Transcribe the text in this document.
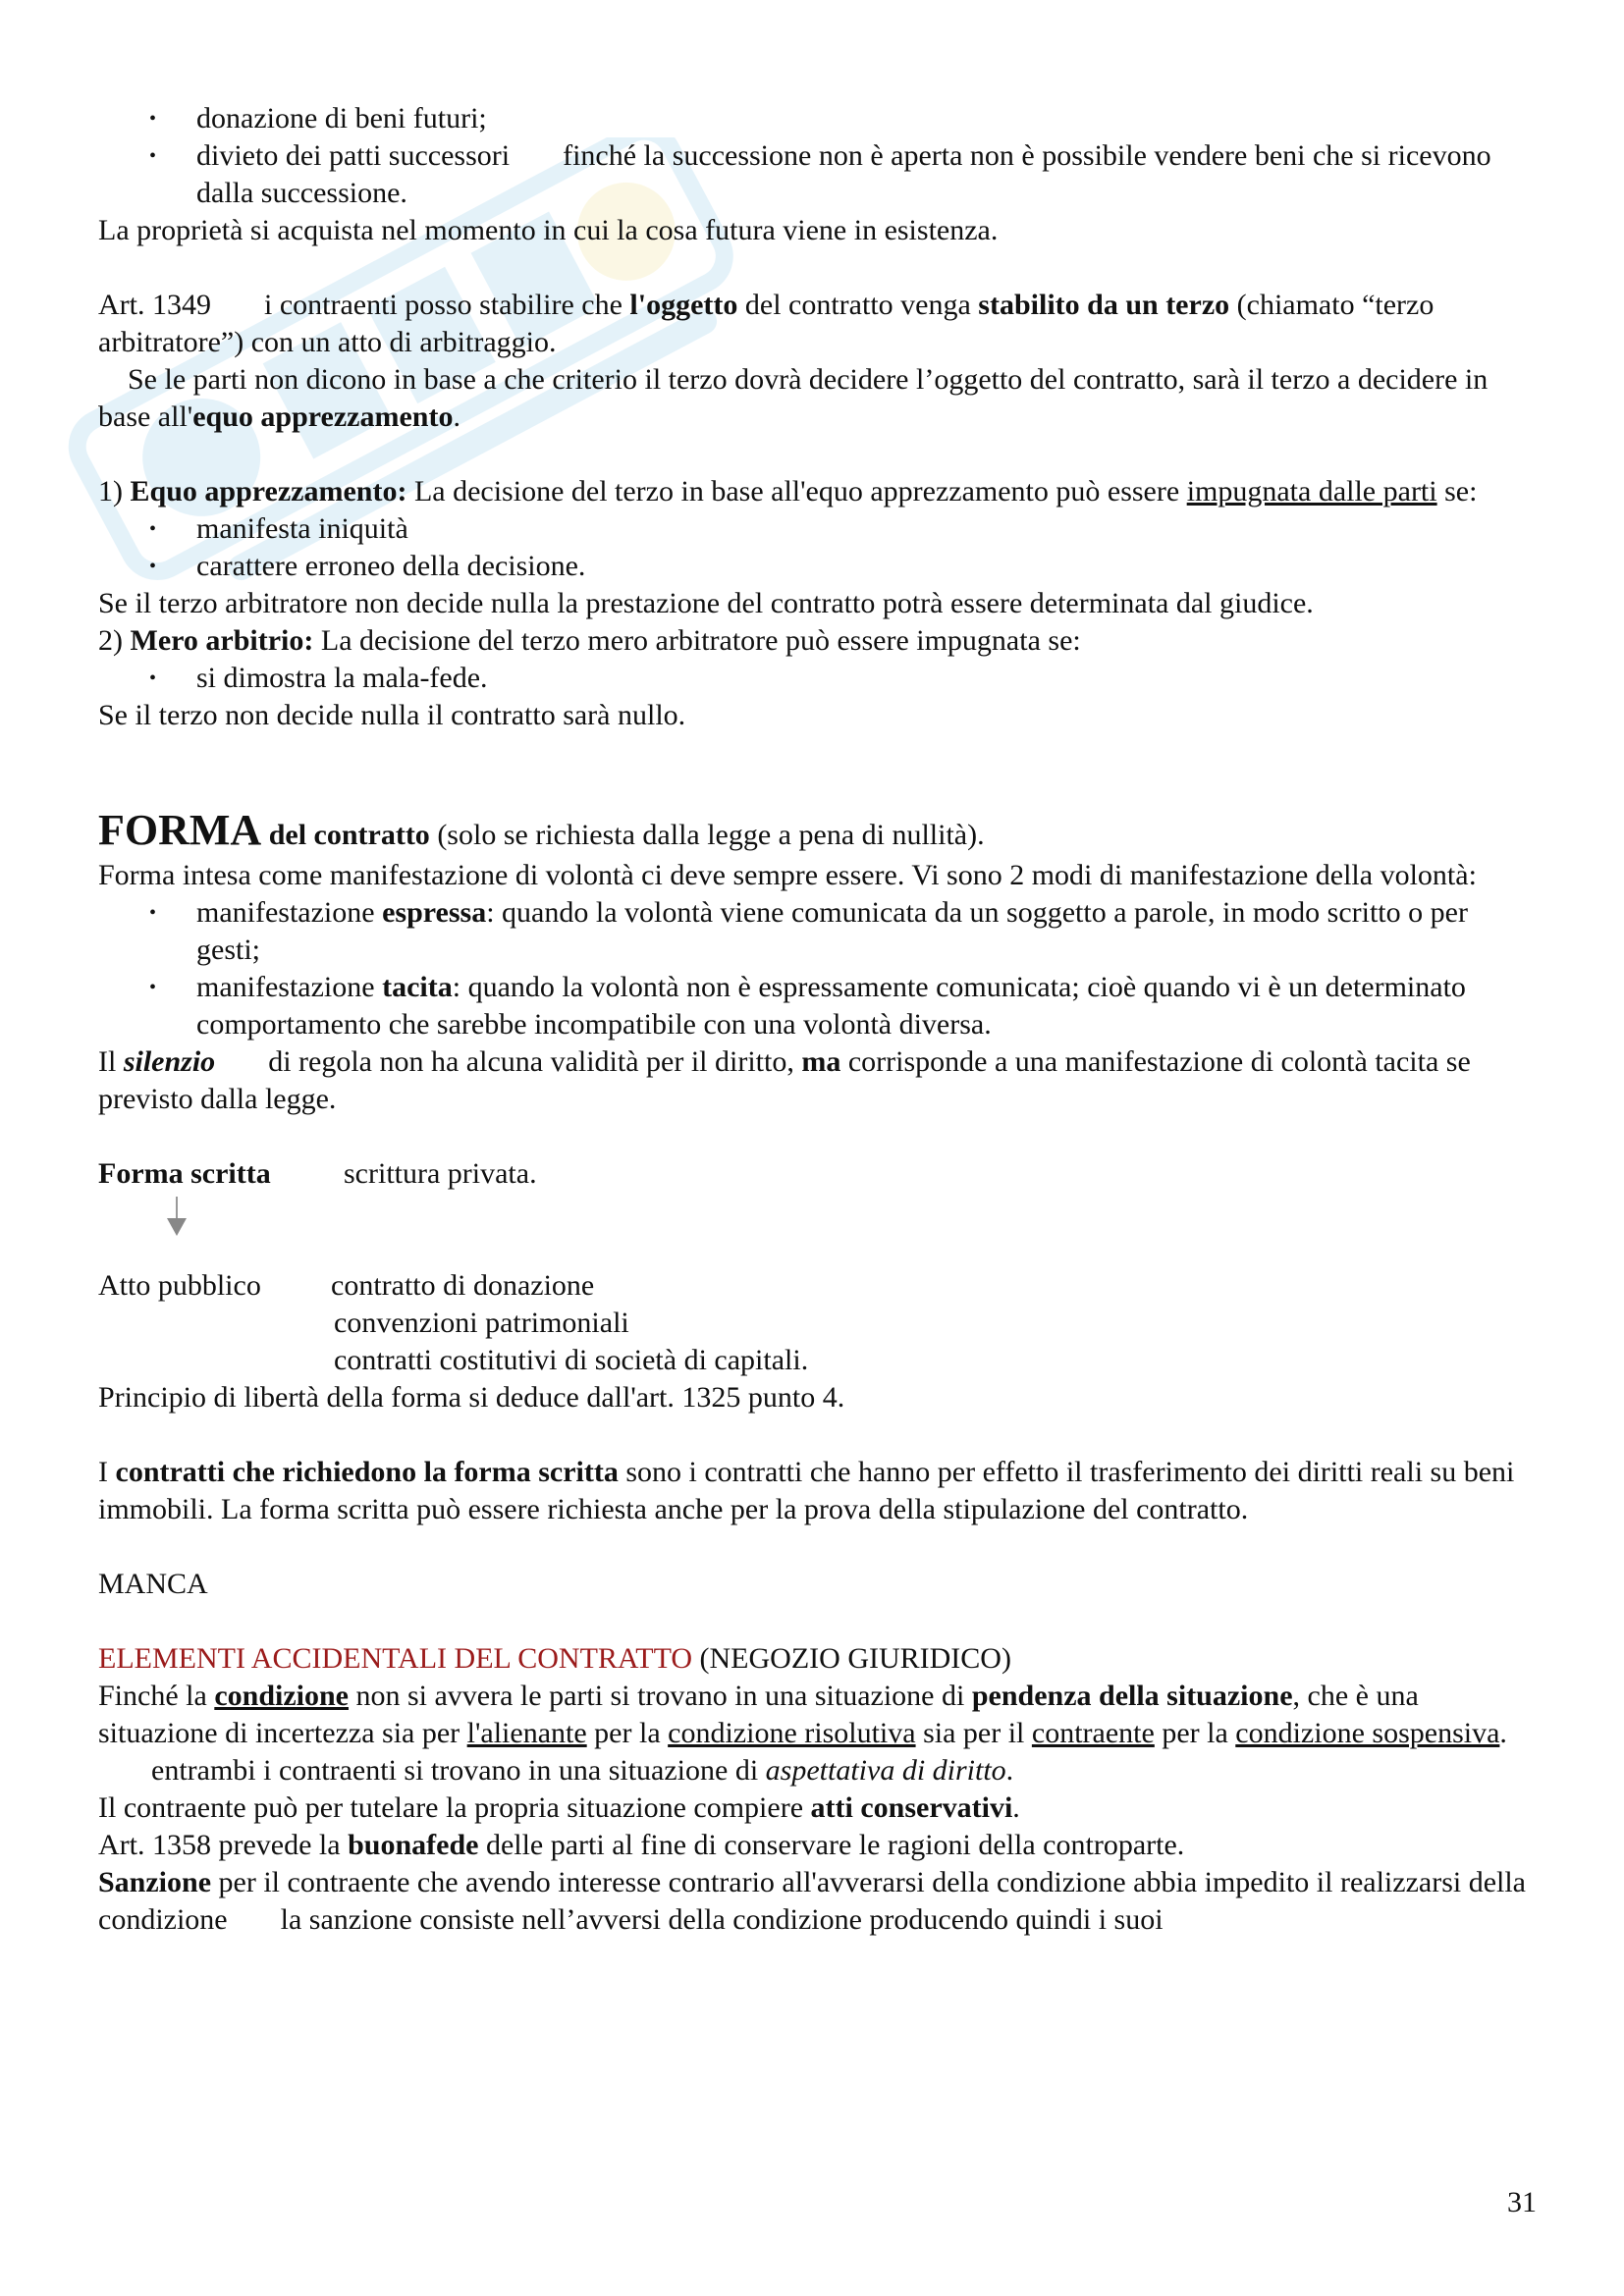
• donazione di beni futuri;
• divieto dei patti successori finché la successione non è aperta non è possibile vendere beni che si ricevono dalla successione.

La proprietà si acquista nel momento in cui la cosa futura viene in esistenza.

Art. 1349 i contraenti posso stabilire che l'oggetto del contratto venga stabilito da un terzo (chiamato “terzo arbitratore”) con un atto di arbitraggio.

Se le parti non dicono in base a che criterio il terzo dovrà decidere l’oggetto del contratto, sarà il terzo a decidere in base all'equo apprezzamento.

1) Equo apprezzamento: La decisione del terzo in base all'equo apprezzamento può essere impugnata dalle parti se:

• manifesta iniquità
• carattere erroneo della decisione.

Se il terzo arbitratore non decide nulla la prestazione del contratto potrà essere determinata dal giudice.

2) Mero arbitrio: La decisione del terzo mero arbitratore può essere impugnata se:

• si dimostra la mala-fede.

Se il terzo non decide nulla il contratto sarà nullo.

FORMA del contratto (solo se richiesta dalla legge a pena di nullità).

Forma intesa come manifestazione di volontà ci deve sempre essere. Vi sono 2 modi di manifestazione della volontà:

• manifestazione espressa: quando la volontà viene comunicata da un soggetto a parole, in modo scritto o per gesti;
• manifestazione tacita: quando la volontà non è espressamente comunicata; cioè quando vi è un determinato comportamento che sarebbe incompatibile con una volontà diversa.

Il silenzio di regola non ha alcuna validità per il diritto, ma corrisponde a una manifestazione di colontà tacita se previsto dalla legge.

Forma scritta scrittura privata.

Atto pubblico contratto di donazione

convenzioni patrimoniali

contratti costitutivi di società di capitali.

Principio di libertà della forma si deduce dall'art. 1325 punto 4.

I contratti che richiedono la forma scritta sono i contratti che hanno per effetto il trasferimento dei diritti reali su beni immobili. La forma scritta può essere richiesta anche per la prova della stipulazione del contratto.

MANCA

ELEMENTI ACCIDENTALI DEL CONTRATTO (NEGOZIO GIURIDICO)

Finché la condizione non si avvera le parti si trovano in una situazione di pendenza della situazione, che è una situazione di incertezza sia per l'alienante per la condizione risolutiva sia per il contraente per la condizione sospensiva.entrambi i contraenti si trovano in una situazione di aspettativa di diritto.

Il contraente può per tutelare la propria situazione compiere atti conservativi.

Art. 1358 prevede la buonafede delle parti al fine di conservare le ragioni della controparte.

Sanzione per il contraente che avendo interesse contrario all'avverarsi della condizione abbia impedito il realizzarsi della condizione la sanzione consiste nell’avversi della condizione producendo quindi i suoi

31
